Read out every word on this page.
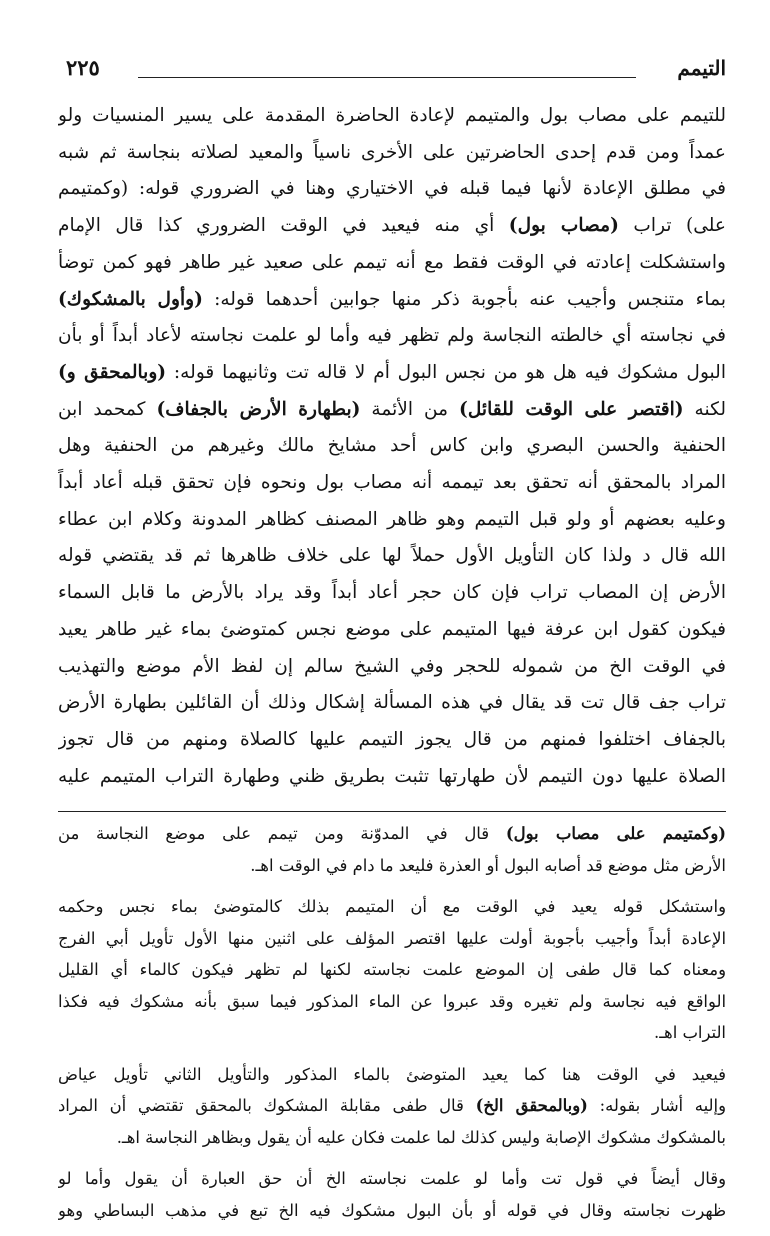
التيمم
٢٢٥
للتيمم على مصاب بول والمتيمم لإعادة الحاضرة المقدمة على يسير المنسيات ولو
عمداً ومن قدم إحدى الحاضرتين على الأخرى ناسياً والمعيد لصلاته بنجاسة ثم شبه
في مطلق الإعادة لأنها فيما قبله في الاختياري وهنا في الضروري قوله: (وكمتيمم
على) تراب (مصاب بول) أي منه فيعيد في الوقت الضروري كذا قال الإمام
واستشكلت إعادته في الوقت فقط مع أنه تيمم على صعيد غير طاهر فهو كمن توضأ
بماء متنجس وأجيب عنه بأجوبة ذكر منها جوابين أحدهما قوله: (وأول بالمشكوك)
في نجاسته أي خالطته النجاسة ولم تظهر فيه وأما لو علمت نجاسته لأعاد أبداً أو بأن
البول مشكوك فيه هل هو من نجس البول أم لا قاله تت وثانيهما قوله: (وبالمحقق و)
لكنه (اقتصر على الوقت للقائل) من الأئمة (بطهارة الأرض بالجفاف) كمحمد ابن
الحنفية والحسن البصري وابن كاس أحد مشايخ مالك وغيرهم من الحنفية وهل
المراد بالمحقق أنه تحقق بعد تيممه أنه مصاب بول ونحوه فإن تحقق قبله أعاد أبداً
وعليه بعضهم أو ولو قبل التيمم وهو ظاهر المصنف كظاهر المدونة وكلام ابن عطاء
الله قال د ولذا كان التأويل الأول حملاً لها على خلاف ظاهرها ثم قد يقتضي قوله
الأرض إن المصاب تراب فإن كان حجر أعاد أبداً وقد يراد بالأرض ما قابل السماء
فيكون كقول ابن عرفة فيها المتيمم على موضع نجس كمتوضئ بماء غير طاهر يعيد
في الوقت الخ من شموله للحجر وفي الشيخ سالم إن لفظ الأم موضع والتهذيب
تراب جف قال تت قد يقال في هذه المسألة إشكال وذلك أن القائلين بطهارة الأرض
بالجفاف اختلفوا فمنهم من قال يجوز التيمم عليها كالصلاة ومنهم من قال تجوز
الصلاة عليها دون التيمم لأن طهارتها تثبت بطريق ظني وطهارة التراب المتيمم عليه

(وكمتيمم على مصاب بول) قال في المدوّنة ومن تيمم على موضع النجاسة من
الأرض مثل موضع قد أصابه البول أو العذرة فليعد ما دام في الوقت اهـ.

واستشكل قوله يعيد في الوقت مع أن المتيمم بذلك كالمتوضئ بماء نجس وحكمه
الإعادة أبداً وأجيب بأجوبة أولت عليها اقتصر المؤلف على اثنين منها الأول تأويل أبي الفرج
ومعناه كما قال طفى إن الموضع علمت نجاسته لكنها لم تظهر فيكون كالماء أي القليل
الواقع فيه نجاسة ولم تغيره وقد عبروا عن الماء المذكور فيما سبق بأنه مشكوك فيه فكذا
التراب اهـ.

فيعيد في الوقت هنا كما يعيد المتوضئ بالماء المذكور والتأويل الثاني تأويل عياض
وإليه أشار بقوله: (وبالمحقق الخ) قال طفى مقابلة المشكوك بالمحقق تقتضي أن المراد
بالمشكوك مشكوك الإصابة وليس كذلك لما علمت فكان عليه أن يقول وبظاهر النجاسة اهـ.

وقال أيضاً في قول تت وأما لو علمت نجاسته الخ أن حق العبارة أن يقول وأما لو
ظهرت نجاسته وقال في قوله أو بأن البول مشكوك فيه الخ تبع في مذهب البساطي وهو
